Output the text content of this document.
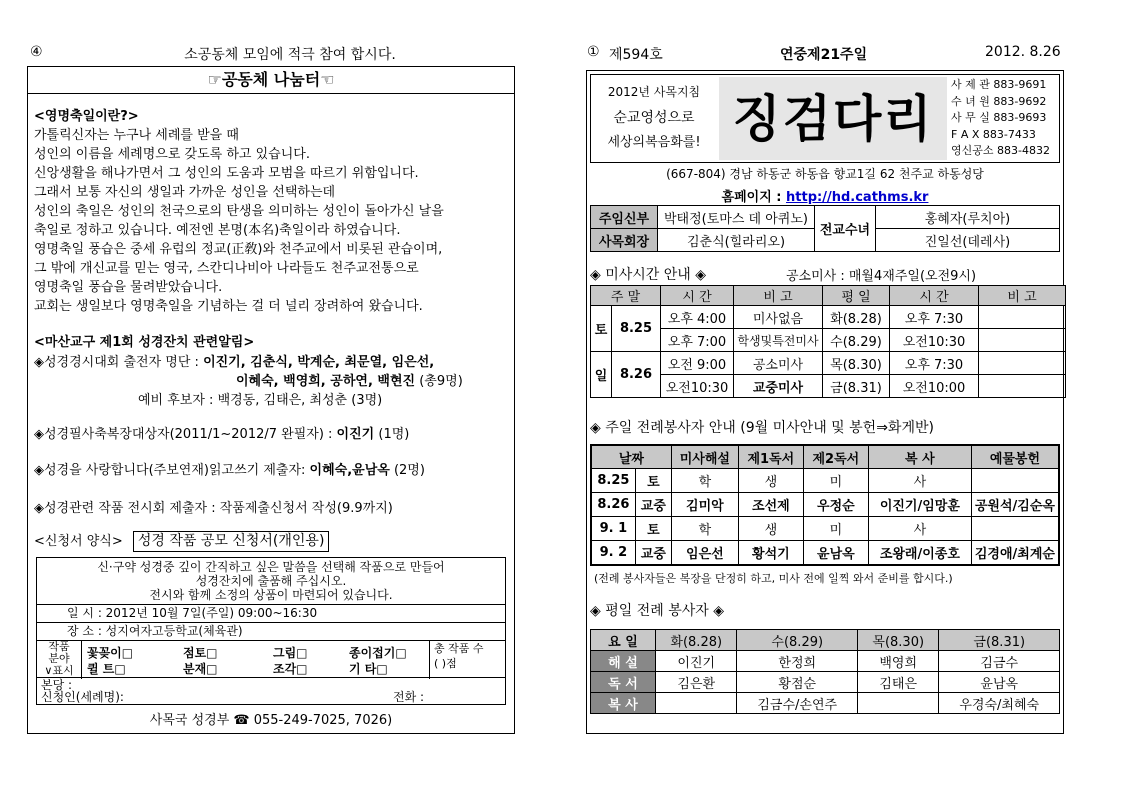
④	소공동체 모임에 적극 참여 합시다.	① 제594호	연중제21주일	2012. 8.26
☞공동체 나눔터☜
<영명축일이란?>
가톨릭신자는 누구나 세례를 받을 때
성인의 이름을 세례명으로 갖도록 하고 있습니다.
신앙생활을 해나가면서 그 성인의 도움과 모범을 따르기 위함입니다.
그래서 보통 자신의 생일과 가까운 성인을 선택하는데
성인의 축일은 성인의 천국으로의 탄생을 의미하는 성인이 돌아가신 날을
축일로 정하고 있습니다. 예전엔 본명(本名)축일이라 하였습니다.
영명축일 풍습은 중세 유럽의 정교(正敎)와 천주교에서 비롯된 관습이며,
그 밖에 개신교를 믿는 영국, 스칸디나비아 나라들도 천주교전통으로
영명축일 풍습을 물려받았습니다.
교회는 생일보다 영명축일을 기념하는 걸 더 널리 장려하여 왔습니다.
<마산교구 제1회 성경잔치 관련알림>
◈성경경시대회 출전자 명단 : 이진기, 김춘식, 박계순, 최문열, 임은선,
이혜숙, 백영희, 공하연, 백현진 (총9명)
예비 후보자 : 백경동, 김태은, 최성춘 (3명)
◈성경필사축복장대상자(2011/1~2012/7 완필자) : 이진기 (1명)
◈성경을 사랑합니다(주보연재)읽고쓰기 제출자: 이혜숙,윤남옥 (2명)
◈성경관련 작품 전시회 제출자 : 작품제출신청서 작성(9.9까지)
<신청서 양식> 성경 작품 공모 신청서(개인용)
신·구약 성경중 깊이 간직하고 싶은 말씀을 선택해 작품으로 만들어
성경잔치에 출품해 주십시오.
전시와 함께 소정의 상품이 마련되어 있습니다.
일 시 : 2012년 10월 7일(주일) 09:00~16:30
장 소 : 성지여자고등학교(체육관)
작품
분야
∨표시
꽃꽂이□	점토□	그림□	종이접기□
퀼 트□	분재□	조각□	기 타□
총 작품 수
( )점
본당 :
신청인(세례명):	전화 :
사목국 성경부 ☎ 055-249-7025, 7026)
2012년 사목지침
순교영성으로
세상의복음화를! 징검다리
사 제 관 883-9691
수 녀 원 883-9692
사 무 실 883-9693
F A X 883-7433
영신공소 883-4832
(667-804) 경남 하동군 하동읍 향교1길 62 천주교 하동성당
홈페이지 : http://hd.cathms.kr
주임신부	박태정(토마스 데 아퀴노)	전교수녀	홍혜자(루치아)
사목회장	김춘식(힐라리오)		진일선(데레사)
◈ 미사시간 안내 ◈	공소미사 : 매월4재주일(오전9시)
주 말		시 간	비 고	평 일	시 간	비 고
토	8.25	오후 4:00	미사없음	화(8.28)	오후 7:30	
		오후 7:00	학생및특전미사	수(8.29)	오전10:30	
일	8.26	오전 9:00	공소미사	목(8.30)	오후 7:30	
		오전10:30	교중미사	금(8.31)	오전10:00	
◈ 주일 전례봉사자 안내 (9월 미사안내 및 봉헌⇒화게반)
날짜		미사해설	제1독서	제2독서	복 사	예물봉헌
8.25	토	학	생	미	사	
8.26	교중	김미악	조선제	우정순	이진기/임망훈	공원석/김순옥
9. 1	토	학	생	미	사	
9. 2	교중	임은선	황석기	윤남옥	조왕래/이종호	김경애/최계순
(전례 봉사자들은 복장을 단정히 하고, 미사 전에 일찍 와서 준비를 합시다.)
◈ 평일 전례 봉사자 ◈
요 일	화(8.28)	수(8.29)	목(8.30)	금(8.31)
해 설	이진기	한정희	백영희	김금수
독 서	김은환	황점순	김태은	윤남옥
복 사		김금수/손연주		우경숙/최혜숙
